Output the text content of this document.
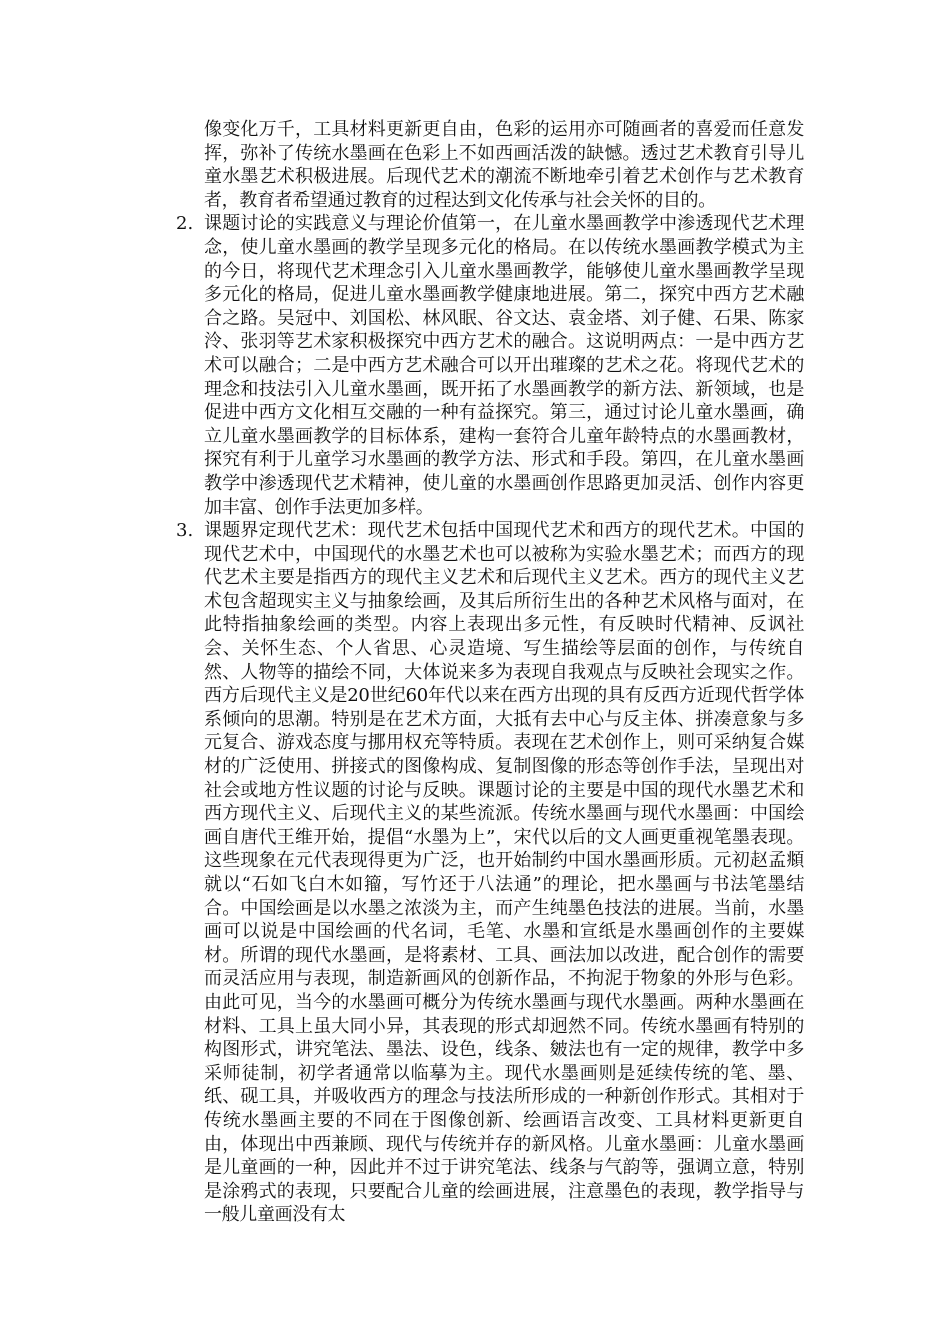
像变化万千，工具材料更新更自由，色彩的运用亦可随画者的喜爱而任意发挥，弥补了传统水墨画在色彩上不如西画活泼的缺憾。透过艺术教育引导儿童水墨艺术积极进展。后现代艺术的潮流不断地牵引着艺术创作与艺术教育者，教育者希望通过教育的过程达到文化传承与社会关怀的目的。

2. 课题讨论的实践意义与理论价值第一，在儿童水墨画教学中渗透现代艺术理念，使儿童水墨画的教学呈现多元化的格局。在以传统水墨画教学模式为主的今日，将现代艺术理念引入儿童水墨画教学，能够使儿童水墨画教学呈现多元化的格局，促进儿童水墨画教学健康地进展。第二，探究中西方艺术融合之路。吴冠中、刘国松、林风眠、谷文达、袁金塔、刘子健、石果、陈家泠、张羽等艺术家积极探究中西方艺术的融合。这说明两点：一是中西方艺术可以融合；二是中西方艺术融合可以开出璀璨的艺术之花。将现代艺术的理念和技法引入儿童水墨画，既开拓了水墨画教学的新方法、新领域，也是促进中西方文化相互交融的一种有益探究。第三，通过讨论儿童水墨画，确立儿童水墨画教学的目标体系，建构一套符合儿童年龄特点的水墨画教材，探究有利于儿童学习水墨画的教学方法、形式和手段。第四，在儿童水墨画教学中渗透现代艺术精神，使儿童的水墨画创作思路更加灵活、创作内容更加丰富、创作手法更加多样。

3. 课题界定现代艺术：现代艺术包括中国现代艺术和西方的现代艺术。中国的现代艺术中，中国现代的水墨艺术也可以被称为实验水墨艺术；而西方的现代艺术主要是指西方的现代主义艺术和后现代主义艺术。西方的现代主义艺术包含超现实主义与抽象绘画，及其后所衍生出的各种艺术风格与面对，在此特指抽象绘画的类型。内容上表现出多元性，有反映时代精神、反讽社会、关怀生态、个人省思、心灵造境、写生描绘等层面的创作，与传统自然、人物等的描绘不同，大体说来多为表现自我观点与反映社会现实之作。西方后现代主义是20世纪60年代以来在西方出现的具有反西方近现代哲学体系倾向的思潮。特别是在艺术方面，大抵有去中心与反主体、拼凑意象与多元复合、游戏态度与挪用权充等特质。表现在艺术创作上，则可采纳复合媒材的广泛使用、拼接式的图像构成、复制图像的形态等创作手法，呈现出对社会或地方性议题的讨论与反映。课题讨论的主要是中国的现代水墨艺术和西方现代主义、后现代主义的某些流派。传统水墨画与现代水墨画：中国绘画自唐代王维开始，提倡“水墨为上”，宋代以后的文人画更重视笔墨表现。这些现象在元代表现得更为广泛，也开始制约中国水墨画形质。元初赵孟頫就以“石如飞白木如籀，写竹还于八法通”的理论，把水墨画与书法笔墨结合。中国绘画是以水墨之浓淡为主，而产生纯墨色技法的进展。当前，水墨画可以说是中国绘画的代名词，毛笔、水墨和宣纸是水墨画创作的主要媒材。所谓的现代水墨画，是将素材、工具、画法加以改进，配合创作的需要而灵活应用与表现，制造新画风的创新作品，不拘泥于物象的外形与色彩。由此可见，当今的水墨画可概分为传统水墨画与现代水墨画。两种水墨画在材料、工具上虽大同小异，其表现的形式却迥然不同。传统水墨画有特别的构图形式，讲究笔法、墨法、设色，线条、皴法也有一定的规律，教学中多采师徒制，初学者通常以临摹为主。现代水墨画则是延续传统的笔、墨、纸、砚工具，并吸收西方的理念与技法所形成的一种新创作形式。其相对于传统水墨画主要的不同在于图像创新、绘画语言改变、工具材料更新更自由，体现出中西兼顾、现代与传统并存的新风格。儿童水墨画：儿童水墨画是儿童画的一种，因此并不过于讲究笔法、线条与气韵等，强调立意，特别是涂鸦式的表现，只要配合儿童的绘画进展，注意墨色的表现，教学指导与一般儿童画没有太
